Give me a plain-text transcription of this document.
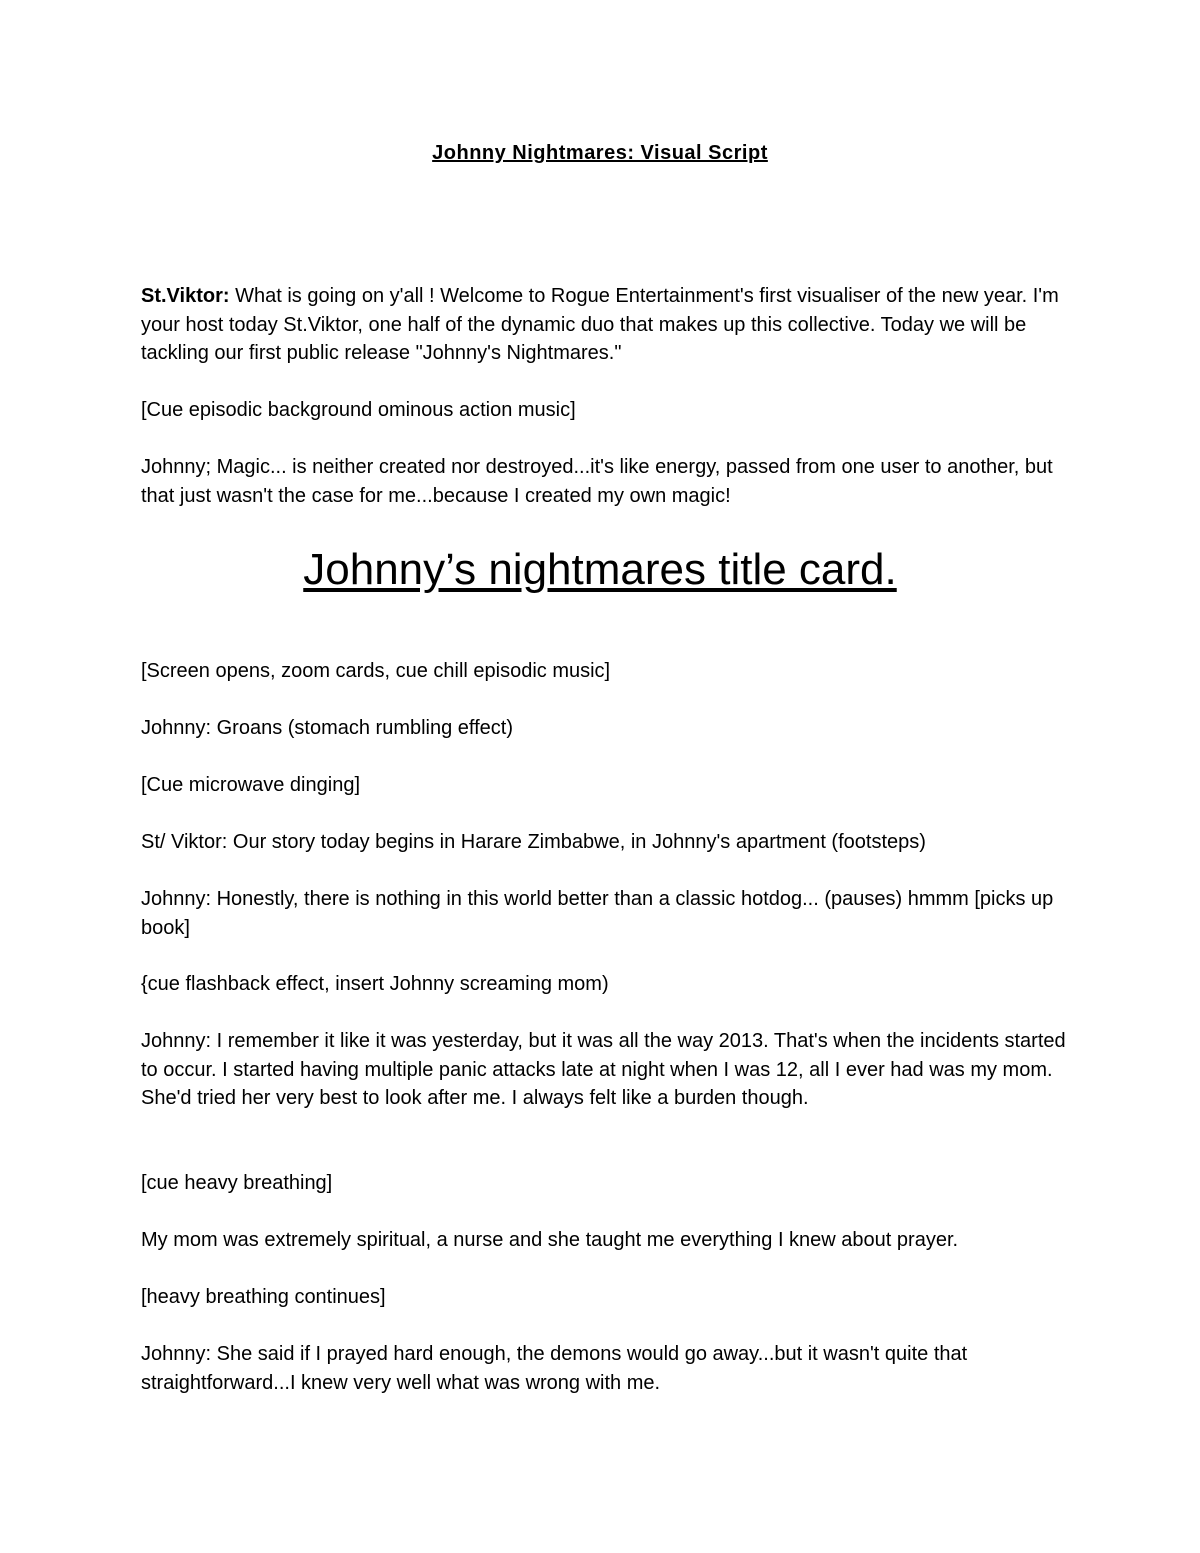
Johnny Nightmares: Visual Script

St.Viktor: What is going on y'all ! Welcome to Rogue Entertainment's first visualiser of the new year. I'm your host today St.Viktor, one half of the dynamic duo that makes up this collective. Today we will be tackling our first public release "Johnny's Nightmares."

[Cue episodic background ominous action music]

Johnny; Magic... is neither created nor destroyed...it's like energy, passed from one user to another, but that just wasn't the case for me...because I created my own magic!

Johnny’s nightmares title card.

[Screen opens, zoom cards, cue chill episodic music]

Johnny: Groans (stomach rumbling effect)

[Cue microwave dinging]

St/ Viktor: Our story today begins in Harare Zimbabwe, in Johnny's apartment (footsteps)

Johnny: Honestly, there is nothing in this world better than a classic hotdog... (pauses) hmmm [picks up book]

{cue flashback effect, insert Johnny screaming mom)

Johnny: I remember it like it was yesterday, but it was all the way 2013. That's when the incidents started to occur. I started having multiple panic attacks late at night when I was 12, all I ever had was my mom. She'd tried her very best to look after me. I always felt like a burden though.

[cue heavy breathing]

My mom was extremely spiritual, a nurse and she taught me everything I knew about prayer.

[heavy breathing continues]

Johnny: She said if I prayed hard enough, the demons would go away...but it wasn't quite that straightforward...I knew very well what was wrong with me.
